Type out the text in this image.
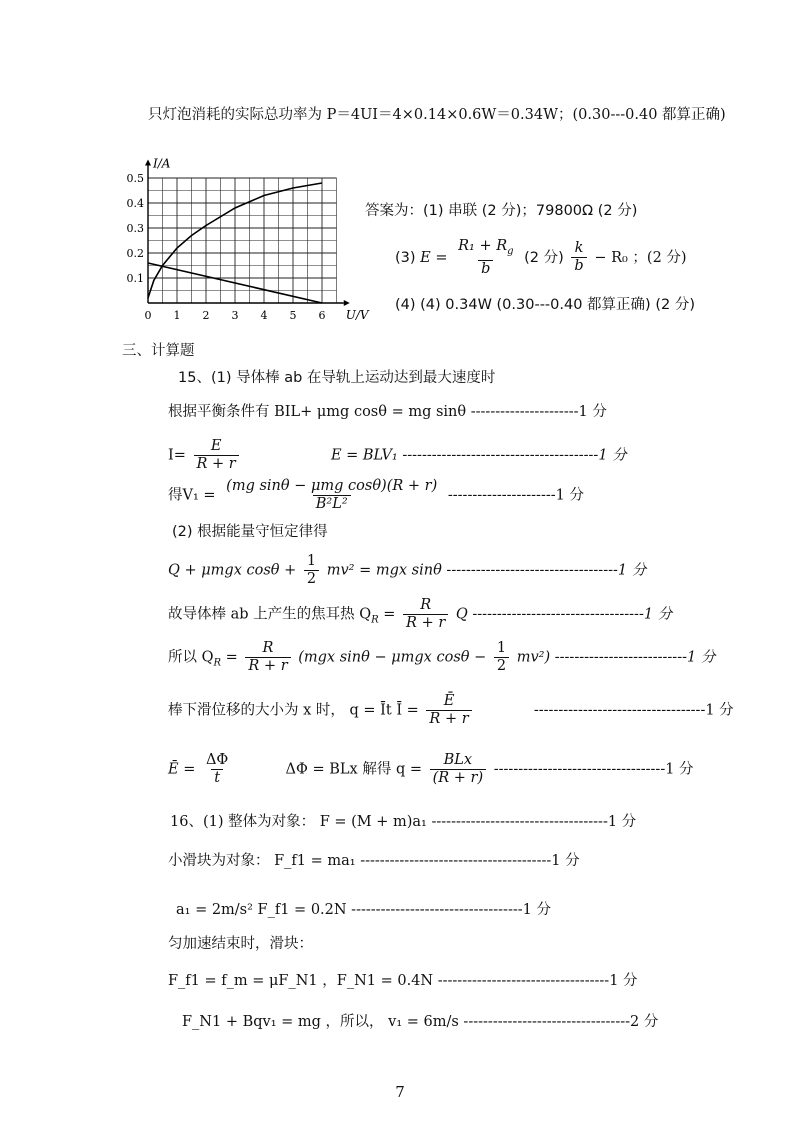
只灯泡消耗的实际总功率为 P＝4UI＝4×0.14×0.6W＝0.34W；(0.30---0.40 都算正确)
0 1 2 3 4 5 6
0.1
0.2
0.3
0.4
0.5
U/V
I/A
答案为：(1) 串联 (2 分)；79800Ω (2 分)
(3) $E = \frac{R_1 + R_g}{b} (2$ 分) $\frac{k}{b} - R_0$ ；(2 分)
(4) (4) 0.34W (0.30---0.40 都算正确) (2 分)
三、计算题
15、(1) 导体棒 ab 在导轨上运动达到最大速度时
根据平衡条件有 BIL+ μmg cosθ = mg sinθ ----------------------1 分
$I= \frac{E}{R + r}$	E = BLV₁ ----------------------------------------1 分
得$V_1 = \frac{\text{(mg sinθ − μmg cosθ)(R + r)}}{\text{B²L²}} ----------------------1$ 分
(2) 根据能量守恒定律得
Q + μmgx $\cos\theta + \frac{1}{2} mv^2$ = mgx sinθ -----------------------------------1 分
故导体棒 ab 上产生的焦耳热 $Q_R = \frac{R}{R + r}$ Q -----------------------------------1 分
所以 $Q_R = \frac{R}{R + r} (mgx$ sinθ − μmgx $\cos\theta - \frac{1}{2} mv^2$) ---------------------------1 分
棒下滑位移的大小为 x 时， q = Īt Ī = $\frac{Ē}{R + r}$	-----------------------------------1 分
Ē = $\frac{\Delta\Phi}{t}$	ΔΦ = BLx 解得 $q = \frac{\text{BLx}}{(R + r)} -----------------------------------1$ 分
16、(1) 整体为对象： F = (M + m)a₁ ------------------------------------1 分
小滑块为对象： F_f1 = ma₁ ---------------------------------------1 分
a₁ = 2m/s² F_f1 = 0.2N -----------------------------------1 分
匀加速结束时，滑块：
F_f1 = f_m = μF_N1 ，F_N1 = 0.4N -----------------------------------1 分
F_N1 + Bqv₁ = mg ，所以， v₁ = 6m/s ----------------------------------2 分
7
